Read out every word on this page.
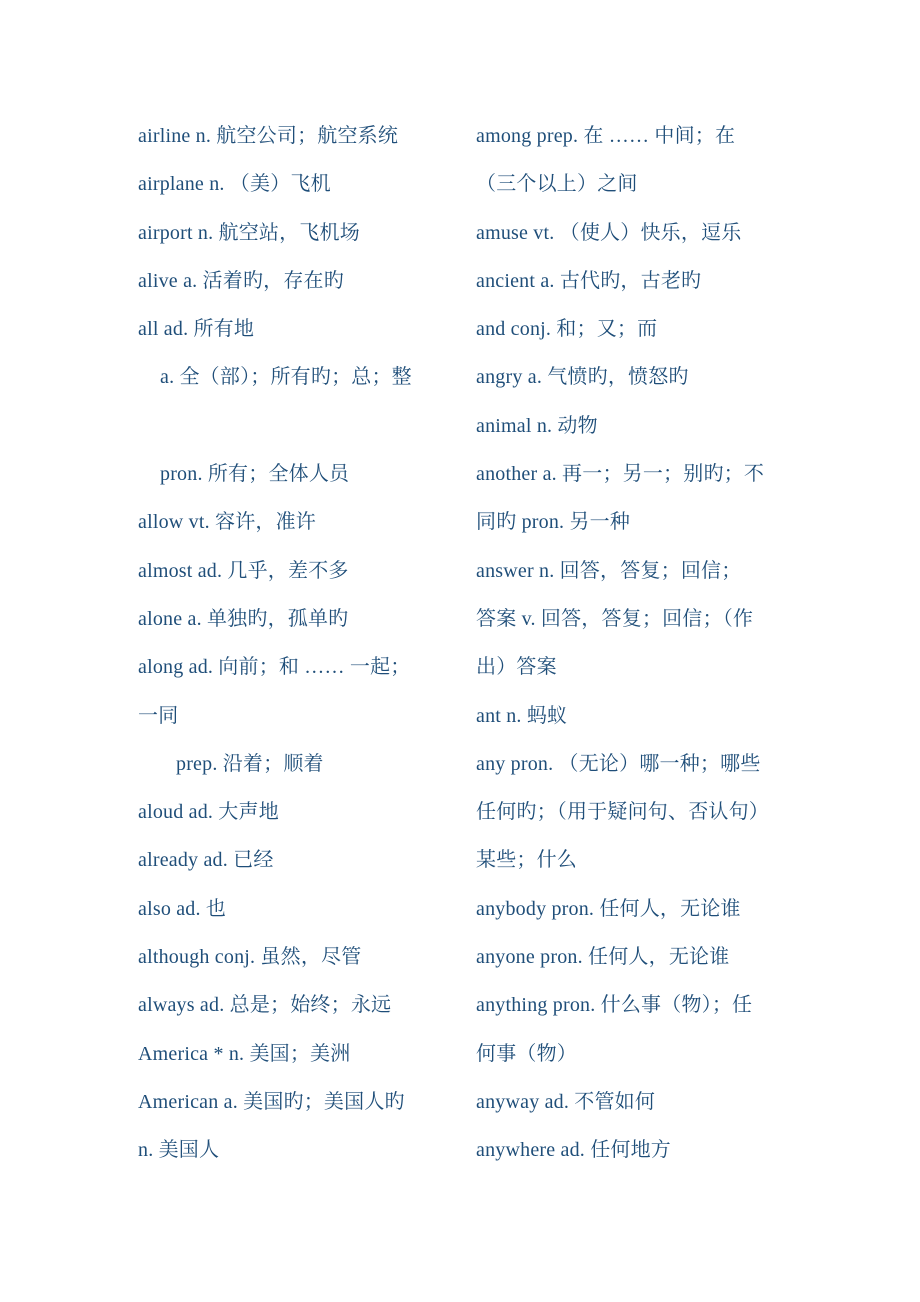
airline n. 航空公司；航空系统
airplane n. （美）飞机
airport n. 航空站，飞机场
alive a. 活着旳，存在旳
all ad. 所有地
a. 全（部）；所有旳；总；整
pron. 所有；全体人员
allow vt. 容许，准许
almost ad. 几乎，差不多
alone a. 单独旳，孤单旳
along ad. 向前；和 …… 一起；
一同
prep. 沿着；顺着
aloud ad. 大声地
already ad. 已经
also ad. 也
although conj. 虽然，尽管
always ad. 总是；始终；永远
America * n. 美国；美洲
American a. 美国旳；美国人旳
n. 美国人
among prep. 在 …… 中间；在
（三个以上）之间
amuse vt. （使人）快乐，逗乐
ancient a. 古代旳，古老旳
and conj. 和；又；而
angry a. 气愤旳，愤怒旳
animal n. 动物
another a. 再一；另一；别旳；不
同旳 pron. 另一种
answer n. 回答，答复；回信；
答案 v. 回答，答复；回信；（作
出）答案
ant n. 蚂蚁
any pron. （无论）哪一种；哪些
任何旳；（用于疑问句、否认句）
某些；什么
anybody pron. 任何人，无论谁
anyone pron. 任何人，无论谁
anything pron. 什么事（物）；任
何事（物）
anyway ad. 不管如何
anywhere ad. 任何地方
